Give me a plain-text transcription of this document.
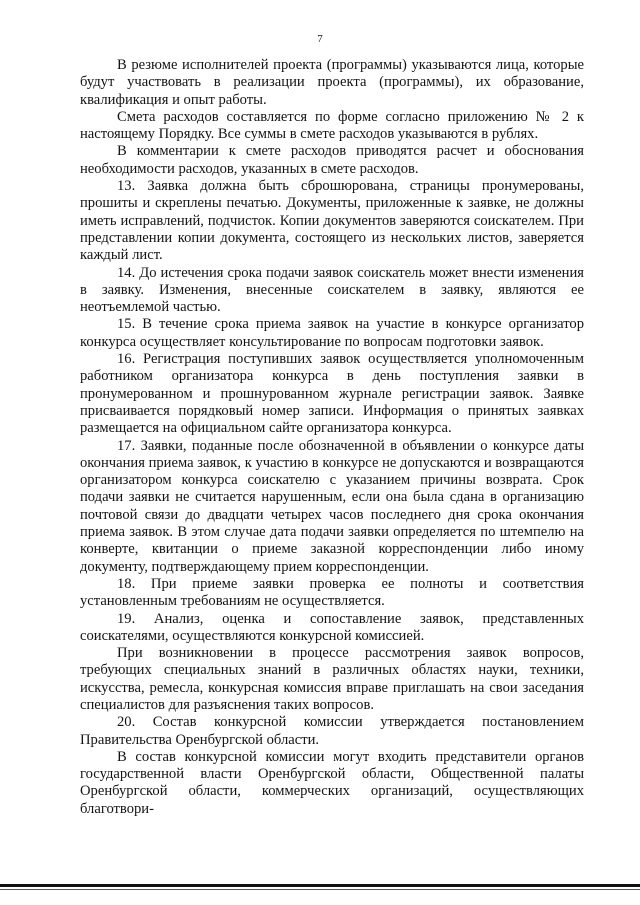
7

В резюме исполнителей проекта (программы) указываются лица, которые будут участвовать в реализации проекта (программы), их образование, квалификация и опыт работы.

Смета расходов составляется по форме согласно приложению № 2 к настоящему Порядку. Все суммы в смете расходов указываются в рублях.

В комментарии к смете расходов приводятся расчет и обоснования необходимости расходов, указанных в смете расходов.

13. Заявка должна быть сброшюрована, страницы пронумерованы, прошиты и скреплены печатью. Документы, приложенные к заявке, не должны иметь исправлений, подчисток. Копии документов заверяются соискателем. При представлении копии документа, состоящего из нескольких листов, заверяется каждый лист.

14. До истечения срока подачи заявок соискатель может внести изменения в заявку. Изменения, внесенные соискателем в заявку, являются ее неотъемлемой частью.

15. В течение срока приема заявок на участие в конкурсе организатор конкурса осуществляет консультирование по вопросам подготовки заявок.

16. Регистрация поступивших заявок осуществляется уполномоченным работником организатора конкурса в день поступления заявки в пронумерованном и прошнурованном журнале регистрации заявок. Заявке присваивается порядковый номер записи. Информация о принятых заявках размещается на официальном сайте организатора конкурса.

17. Заявки, поданные после обозначенной в объявлении о конкурсе даты окончания приема заявок, к участию в конкурсе не допускаются и возвращаются организатором конкурса соискателю с указанием причины возврата. Срок подачи заявки не считается нарушенным, если она была сдана в организацию почтовой связи до двадцати четырех часов последнего дня срока окончания приема заявок. В этом случае дата подачи заявки определяется по штемпелю на конверте, квитанции о приеме заказной корреспонденции либо иному документу, подтверждающему прием корреспонденции.

18. При приеме заявки проверка ее полноты и соответствия установленным требованиям не осуществляется.

19. Анализ, оценка и сопоставление заявок, представленных соискателями, осуществляются конкурсной комиссией.

При возникновении в процессе рассмотрения заявок вопросов, требующих специальных знаний в различных областях науки, техники, искусства, ремесла, конкурсная комиссия вправе приглашать на свои заседания специалистов для разъяснения таких вопросов.

20. Состав конкурсной комиссии утверждается постановлением Правительства Оренбургской области.

В состав конкурсной комиссии могут входить представители органов государственной власти Оренбургской области, Общественной палаты Оренбургской области, коммерческих организаций, осуществляющих благотвори-
